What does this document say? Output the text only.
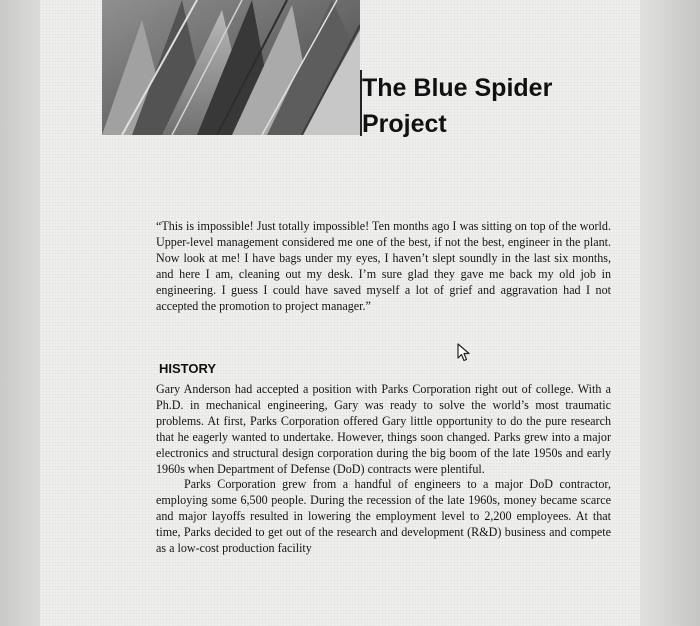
The Blue Spider Project

“This is impossible! Just totally impossible! Ten months ago I was sitting on top of the world. Upper-level management considered me one of the best, if not the best, engineer in the plant. Now look at me! I have bags under my eyes, I haven’t slept soundly in the last six months, and here I am, cleaning out my desk. I’m sure glad they gave me back my old job in engineering. I guess I could have saved myself a lot of grief and aggravation had I not accepted the promotion to project manager.”

HISTORY

Gary Anderson had accepted a position with Parks Corporation right out of college. With a Ph.D. in mechanical engineering, Gary was ready to solve the world’s most traumatic problems. At first, Parks Corporation offered Gary little opportunity to do the pure research that he eagerly wanted to undertake. However, things soon changed. Parks grew into a major electronics and structural design corporation during the big boom of the late 1950s and early 1960s when Department of Defense (DoD) contracts were plentiful.

Parks Corporation grew from a handful of engineers to a major DoD contractor, employing some 6,500 people. During the recession of the late 1960s, money became scarce and major layoffs resulted in lowering the employment level to 2,200 employees. At that time, Parks decided to get out of the research and development (R&D) business and compete as a low-cost production facility
